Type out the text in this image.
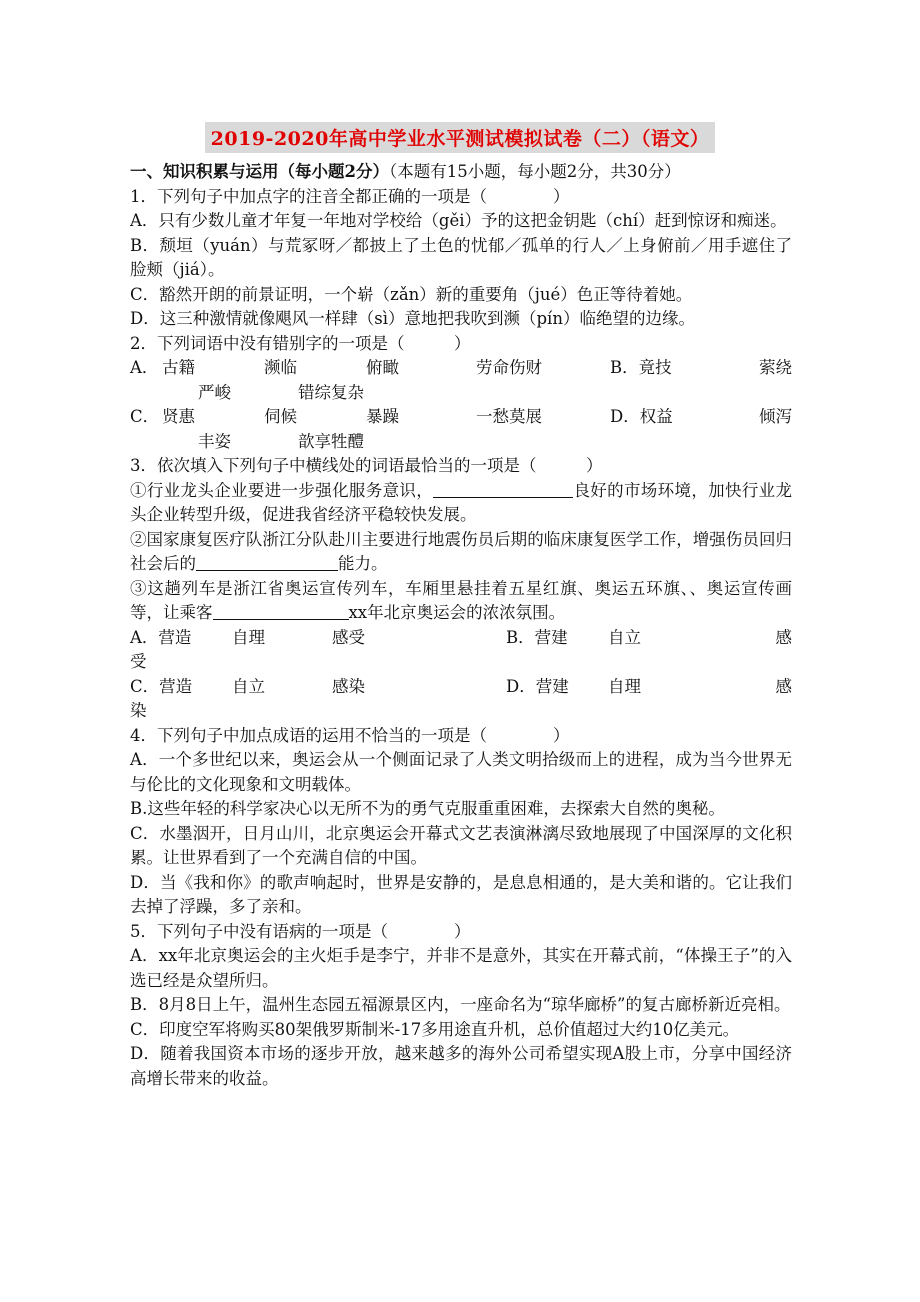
2019-2020年高中学业水平测试模拟试卷（二）（语文）

一、知识积累与运用（每小题2分）（本题有15小题，每小题2分，共30分）

1．下列句子中加点字的注音全都正确的一项是（　　　　）

A．只有少数儿童才年复一年地对学校给（gěi）予的这把金钥匙（chí）赶到惊讶和痴迷。

B．颓垣（yuán）与荒冢呀／都披上了土色的忧郁／孤单的行人／上身俯前／用手遮住了脸颊（jiá）。

C．豁然开朗的前景证明，一个崭（zǎn）新的重要角（jué）色正等待着她。

D．这三种激情就像飓风一样肆（sì）意地把我吹到濒（pín）临绝望的边缘。

2．下列词语中没有错别字的一项是（　　　）

A． 古籍	濒临	俯瞰	劳命伤财	B．竟技	萦绕
严峻	错综复杂
C． 贤惠	伺候	暴躁	一愁莫展	D．权益	倾泻
丰姿	歆享牲醴

3．依次填入下列句子中横线处的词语最恰当的一项是（　　　）

①行业龙头企业要进一步强化服务意识，	良好的市场环境，加快行业龙头企业转型升级，促进我省经济平稳较快发展。

②国家康复医疗队浙江分队赴川主要进行地震伤员后期的临床康复医学工作，增强伤员回归社会后的	能力。

③这趟列车是浙江省奥运宣传列车，车厢里悬挂着五星红旗、奥运五环旗、、奥运宣传画等，让乘客	xx年北京奥运会的浓浓氛围。

A．营造	自理	感受	B．营建	自立	感

受

C．营造	自立	感染	D．营建	自理	感

染

4．下列句子中加点成语的运用不恰当的一项是（　　　　）

A．一个多世纪以来，奥运会从一个侧面记录了人类文明拾级而上的进程，成为当今世界无与伦比的文化现象和文明载体。

B.这些年轻的科学家决心以无所不为的勇气克服重重困难，去探索大自然的奥秘。

C．水墨洇开，日月山川，北京奥运会开幕式文艺表演淋漓尽致地展现了中国深厚的文化积累。让世界看到了一个充满自信的中国。

D．当《我和你》的歌声响起时，世界是安静的，是息息相通的，是大美和谐的。它让我们去掉了浮躁，多了亲和。

5．下列句子中没有语病的一项是（　　　　）

A．xx年北京奥运会的主火炬手是李宁，并非不是意外，其实在开幕式前，“体操王子”的入选已经是众望所归。

B．8月8日上午，温州生态园五福源景区内，一座命名为“琼华廊桥”的复古廊桥新近亮相。

C．印度空军将购买80架俄罗斯制米-17多用途直升机，总价值超过大约10亿美元。

D．随着我国资本市场的逐步开放，越来越多的海外公司希望实现A股上市，分享中国经济高增长带来的收益。
